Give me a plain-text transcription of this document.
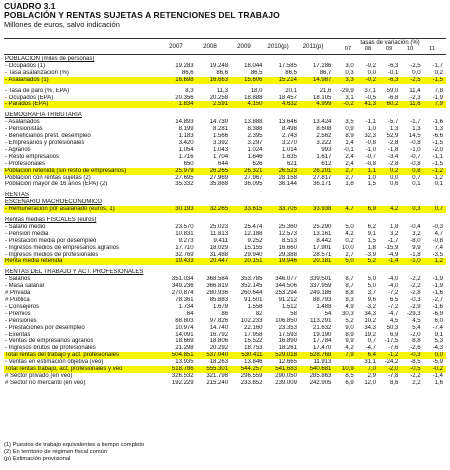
CUADRO 3.1
POBLACIÓN Y RENTAS SUJETAS A RETENCIONES DEL TRABAJO
Millones de euros, salvo indicación
2007	2008	2009	2010(p)	2011(p)	tasas de variación (%)
07	08	09	10	11
POBLACIÓN (miles de personas)										
- Ocupados (1)	19.283	19.248	18.044	17.585	17.286	3,0	-0,2	-6,3	-2,5	-1,7
- Tasa asalarización (%)	86,6	86,6	86,5	86,5	86,7	0,3	0,0	-0,1	0,0	0,2
- Asalariados (1)	16.698	16.663	15.606	15.214	14.987	3,3	-0,2	-6,3	-2,5	-1,5

- Tasa de paro (%, EPA)	8,3	11,3	18,0	20,1	21,6	-29,9	37,1	59,0	11,4	7,8
- Ocupados (EPA)	20.356	20.258	18.888	18.457	18.105	3,1	-0,5	-6,8	-2,3	-1,9
- Parados (EPA)	1.834	2.591	4.150	4.632	4.999	-0,2	41,3	60,2	11,6	7,9

DEMOGRAFÍA TRIBUTARIA										
- Asalariados	14.893	14.730	13.888	13.646	13.424	3,5	-1,1	-5,7	-1,7	-1,6
- Pensionistas	8.199	8.281	8.388	8.498	8.608	0,9	1,0	1,3	1,3	1,3
- Beneficiarios prest. desempleo	1.183	1.566	2.395	2.743	2.562	8,9	32,3	52,9	14,5	-6,6
- Empresarios y profesionales	3.420	3.392	3.297	3.270	3.222	1,4	-0,8	-2,8	-0,8	-1,5
- Agrarios	1.054	1.043	1.024	1.014	993	-0,1	-1,0	-1,8	-1,0	-2,0
- Resto empresarios	1.716	1.704	1.646	1.635	1.617	2,4	-0,7	-3,4	-0,7	-1,1
- Profesionales	650	644	626	621	612	2,4	-0,8	-2,8	-0,8	-1,5
Población retenida (sin resto de empresarios)	25.979	26.265	26.321	26.523	26.201	2,7	1,1	0,2	0,8	-1,2
Población con rentas sujetas (2)	27.695	27.969	27.967	28.158	27.817	2,7	1,0	0,0	0,7	-1,2
Población mayor de 16 años (EPA) (2)	35.332	35.868	36.095	36.144	36.171	1,8	1,5	0,6	0,1	0,1

RENTAS										
ESCENARIO MACROECONÓMICO										
- Remuneración por asalariado (euros, 1)	30.193	32.265	33.615	33.705	33.938	4,7	6,9	4,2	0,3	0,7

Rentas medias FISCALES (euros)										
- Salario medio	23.570	25.023	25.474	25.360	25.290	5,0	6,2	1,8	-0,4	-0,3
- Pensión media	10.831	11.813	12.188	12.573	13.161	4,2	9,1	3,2	3,2	4,7
- Prestación media por desempleo	9.273	9.411	9.252	8.513	8.442	0,2	1,5	-1,7	-8,0	-0,8
- Ingresos medios de empresarios agrarios	17.710	18.029	15.155	16.660	17.901	10,0	1,8	-15,9	9,9	7,4
- Ingresos medios de profesionales	32.769	31.488	29.940	29.388	28.571	2,7	-3,9	-4,9	-1,8	-3,5
Renta media retenida	19.433	20.447	20.151	19.946	20.181	5,0	5,2	-1,4	-1,0	1,2

RENTAS DEL TRABAJO Y ACT. PROFESIONALES										
- Salarios	351.034	368.584	353.785	346.077	339.501	8,7	5,0	-4,0	-2,2	-1,9
- Masa salarial	349.236	366.819	352.145	344.506	337.959	8,7	5,0	-4,0	-2,2	-1,9
# Privada	270.874	280.936	260.644	253.294	249.186	8,8	3,7	-7,2	-2,8	-1,6
# Pública	78.361	85.883	91.501	91.212	88.793	8,3	9,6	6,5	-0,3	-2,7
- Consejeros	1.734	1.679	1.558	1.512	1.488	4,9	-3,2	-7,2	-2,9	-1,6
- Premios	64	86	82	58	54	30,3	34,3	-4,7	-29,3	-6,9
- Pensiones	88.803	97.826	102.233	106.850	113.291	5,2	10,2	4,5	4,5	6,0
- Prestaciones por desempleo	10.974	14.740	22.160	23.353	21.632	9,0	34,3	50,3	5,4	-7,4
- Exentas	14.091	16.792	17.958	17.593	19.190	8,9	19,2	6,9	-2,0	9,1
- Ventas de empresarios agrarios	18.669	18.806	15.522	16.890	17.784	9,9	0,7	-17,5	8,8	5,3
- Ingresos brutos de profesionales	21.298	20.292	18.753	18.261	17.470	4,2	-4,7	-7,6	-2,6	-4,3
Total rentas del trabajo y act. profesionales	504.851	537.040	530.411	529.018	528.768	7,9	6,4	-1,2	-0,3	0,0
- Ventas en estimación objetiva (veo)	13.935	18.263	13.846	12.665	11.913		31,1	-24,2	-8,5	-5,9
Total rentas trabajo, act. profesionales y veo	518.786	555.301	544.257	541.683	540.681	10,9	7,0	-2,0	-0,5	-0,2
# Sector privado (en veo)	326.532	321.798	296.559	290.050	285.863	8,5	2,9	-7,8	-2,2	-1,4
# Sector no mercantil (en veo)	192.229	215.240	233.852	239.009	242.905	6,9	12,0	8,6	2,2	1,6
(1) Puestos de trabajo equivalentes a tiempo completo
(2) En territorio de régimen fiscal común
(p) Estimación provisional
